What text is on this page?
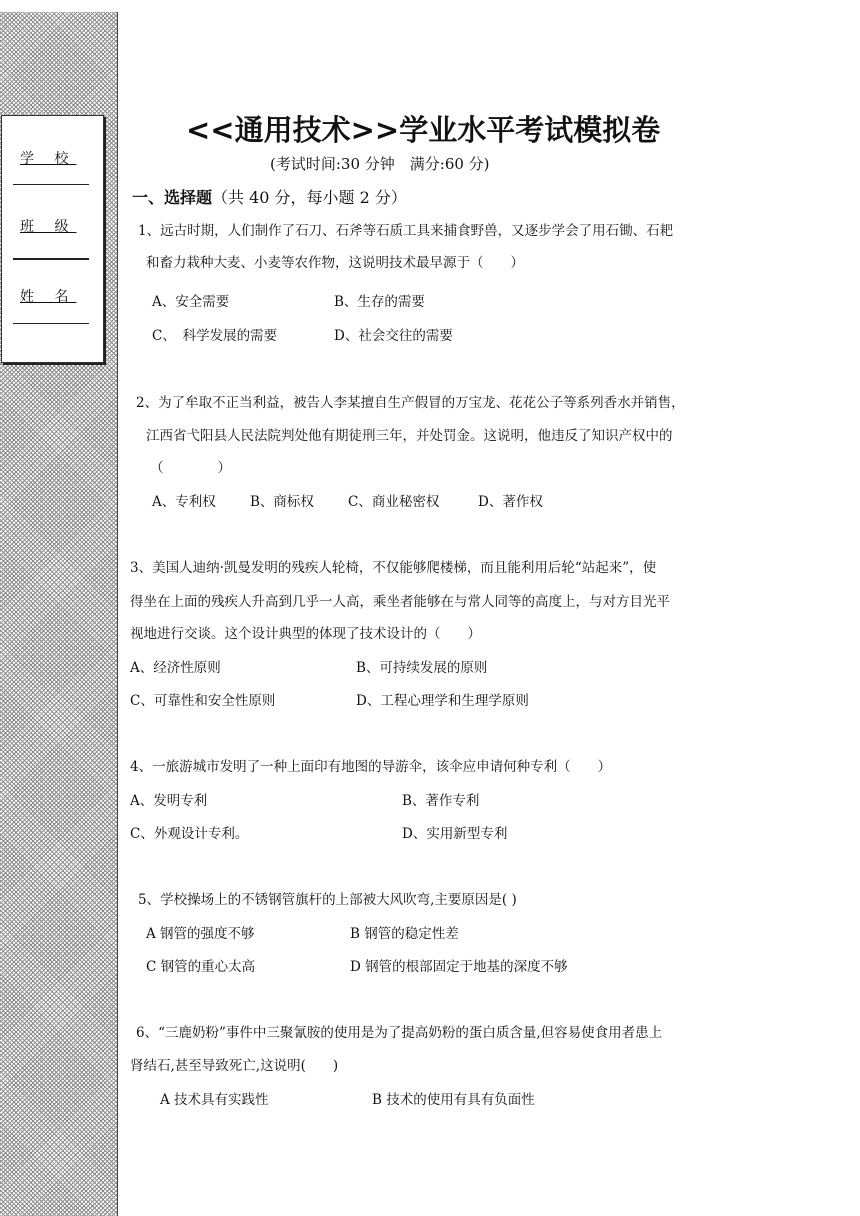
学 校
班 级
姓 名
<<通用技术>>学业水平考试模拟卷
(考试时间:30 分钟　满分:60 分)
一、选择题（共 40 分，每小题 2 分）
1、远古时期，人们制作了石刀、石斧等石质工具来捕食野兽，又逐步学会了用石锄、石耙
和畜力栽种大麦、小麦等农作物，这说明技术最早源于（　　）
A、安全需要	B、生存的需要
C、　科学发展的需要	D、社会交往的需要
2、为了牟取不正当利益，被告人李某擅自生产假冒的万宝龙、花花公子等系列香水并销售，
江西省弋阳县人民法院判处他有期徒刑三年，并处罚金。这说明，他违反了知识产权中的
（　　　　）
A、专利权	B、商标权	C、商业秘密权	D、著作权
3、美国人迪纳·凯曼发明的残疾人轮椅，不仅能够爬楼梯，而且能利用后轮“站起来”，使
得坐在上面的残疾人升高到几乎一人高，乘坐者能够在与常人同等的高度上，与对方目光平
视地进行交谈。这个设计典型的体现了技术设计的（　　）
A、经济性原则	B、可持续发展的原则
C、可靠性和安全性原则	D、工程心理学和生理学原则
4、一旅游城市发明了一种上面印有地图的导游伞，该伞应申请何种专利（　　）
A、发明专利	B、著作专利
C、外观设计专利。	D、实用新型专利
5、学校操场上的不锈钢管旗杆的上部被大风吹弯,主要原因是( )
A 钢管的强度不够	B 钢管的稳定性差
C 钢管的重心太高	D 钢管的根部固定于地基的深度不够
6、“三鹿奶粉”事件中三聚氰胺的使用是为了提高奶粉的蛋白质含量,但容易使食用者患上
肾结石,甚至导致死亡,这说明(　　)
A 技术具有实践性	B 技术的使用有具有负面性
